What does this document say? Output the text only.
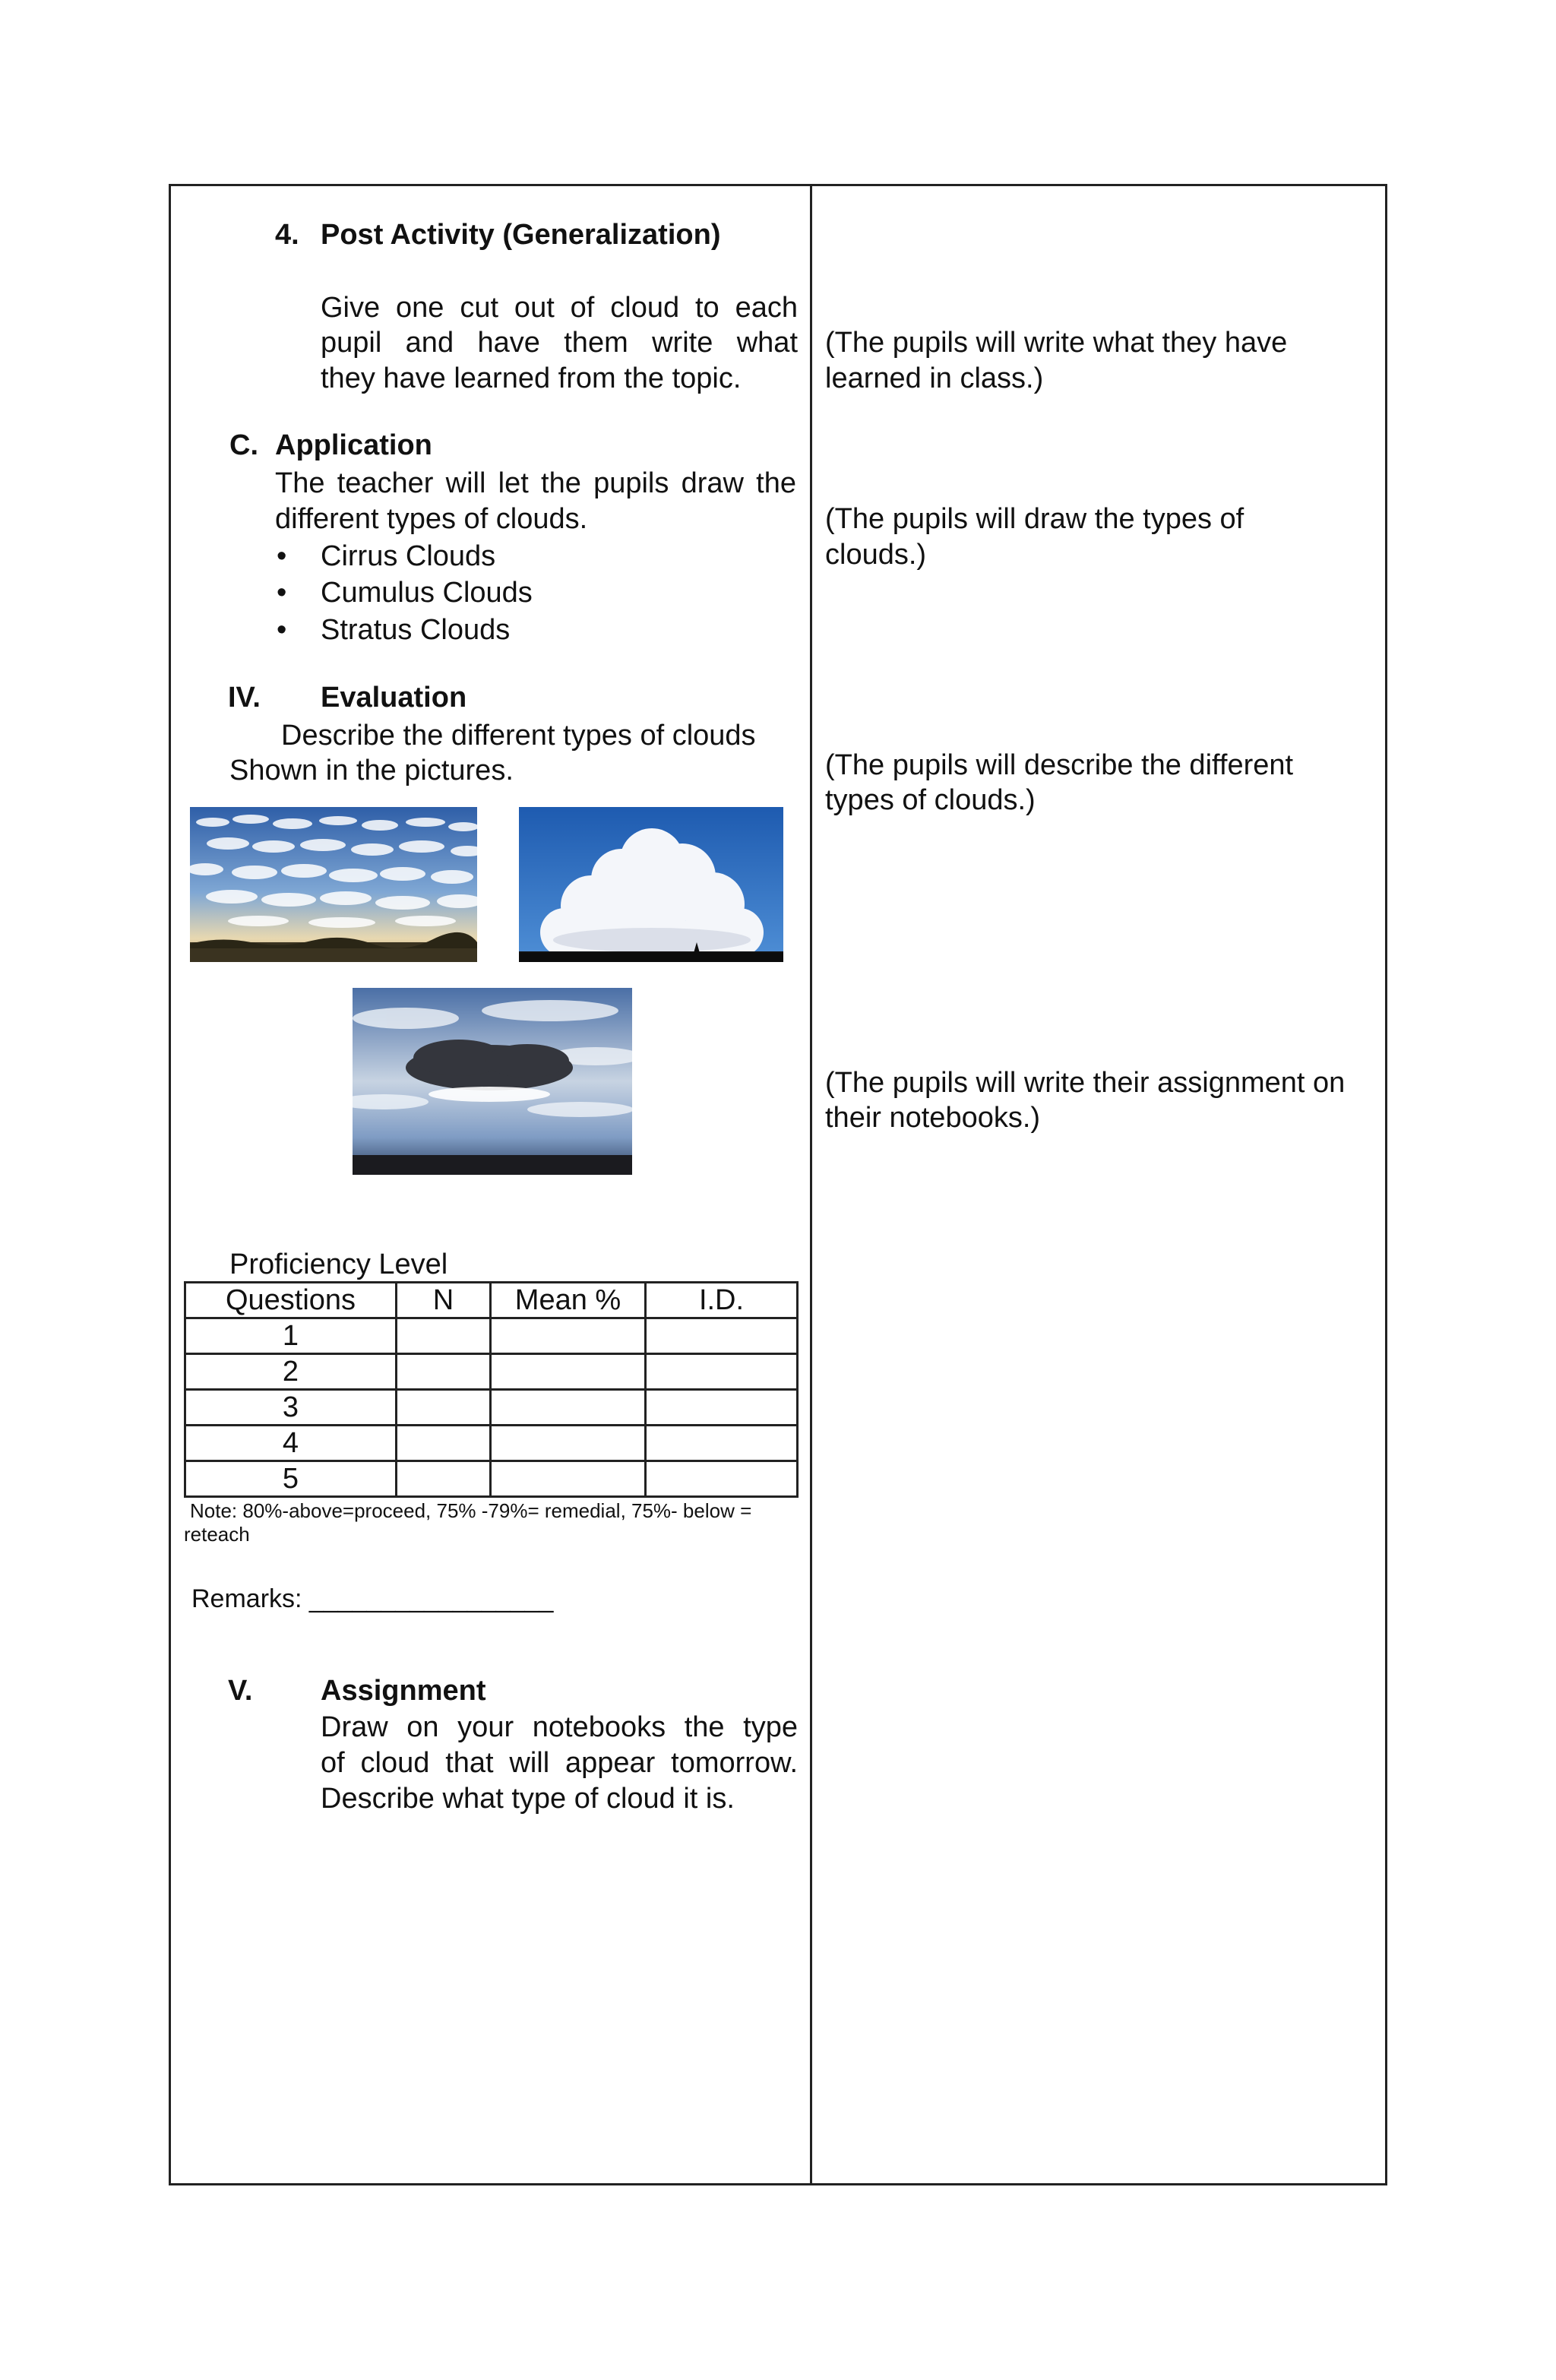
4. Post Activity (Generalization)
Give one cut out of cloud to each
pupil and have them write what
they have learned from the topic.
(The pupils will write what they have
learned in class.)
C. Application
The teacher will let the pupils draw the
different types of clouds.
• Cirrus Clouds
• Cumulus Clouds
• Stratus Clouds
(The pupils will draw the types of
clouds.)
IV. Evaluation
Describe the different types of clouds
Shown in the pictures.	(The pupils will describe the different
types of clouds.)
(The pupils will write their assignment on
their notebooks.)
Proficiency Level
Questions	N	Mean %	I.D.
1			
2			
3			
4			
5			
Note: 80%-above=proceed, 75% -79%= remedial, 75%- below =
reteach
Remarks: _________________
V. Assignment
Draw on your notebooks the type
of cloud that will appear tomorrow.
Describe what type of cloud it is.
